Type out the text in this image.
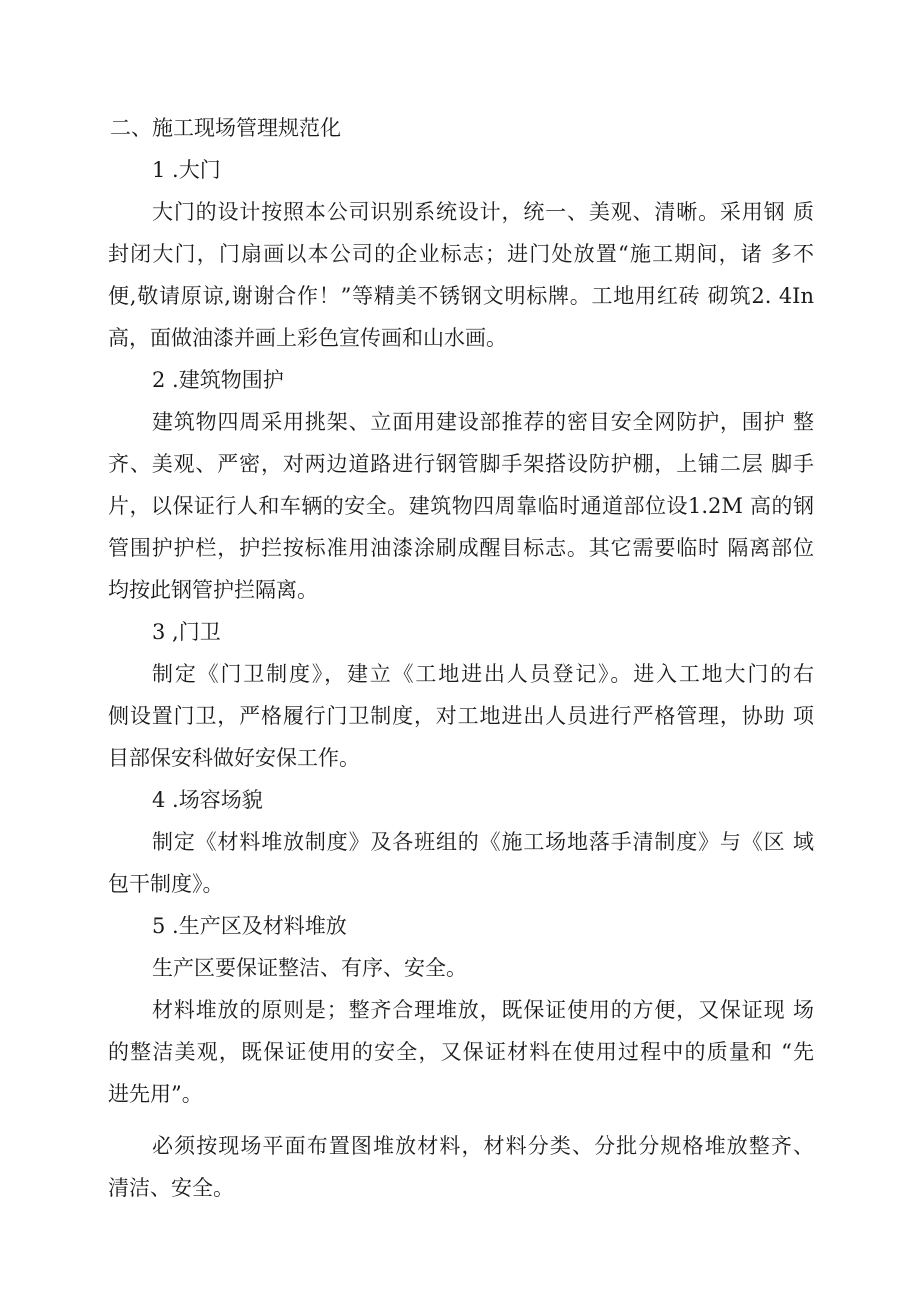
二、施工现场管理规范化
1 .大门
大门的设计按照本公司识别系统设计，统一、美观、清晰。采用钢 质
封闭大门，门扇画以本公司的企业标志；进门处放置“施工期间，诸 多不
便,敬请原谅,谢谢合作！”等精美不锈钢文明标牌。工地用红砖 砌筑2. 4In
高，面做油漆并画上彩色宣传画和山水画。
2 .建筑物围护
建筑物四周采用挑架、立面用建设部推荐的密目安全网防护，围护 整
齐、美观、严密，对两边道路进行钢管脚手架搭设防护棚，上铺二层 脚手
片，以保证行人和车辆的安全。建筑物四周靠临时通道部位设1.2M 高的钢
管围护护栏，护拦按标准用油漆涂刷成醒目标志。其它需要临时 隔离部位
均按此钢管护拦隔离。
3 ,门卫
制定《门卫制度》，建立《工地进出人员登记》。进入工地大门的右
侧设置门卫，严格履行门卫制度，对工地进出人员进行严格管理，协助 项
目部保安科做好安保工作。
4 .场容场貌
制定《材料堆放制度》及各班组的《施工场地落手清制度》与《区 域
包干制度》。
5 .生产区及材料堆放
生产区要保证整洁、有序、安全。
材料堆放的原则是；整齐合理堆放，既保证使用的方便，又保证现 场
的整洁美观，既保证使用的安全，又保证材料在使用过程中的质量和 “先
进先用”。
必须按现场平面布置图堆放材料，材料分类、分批分规格堆放整齐、
清洁、安全。
